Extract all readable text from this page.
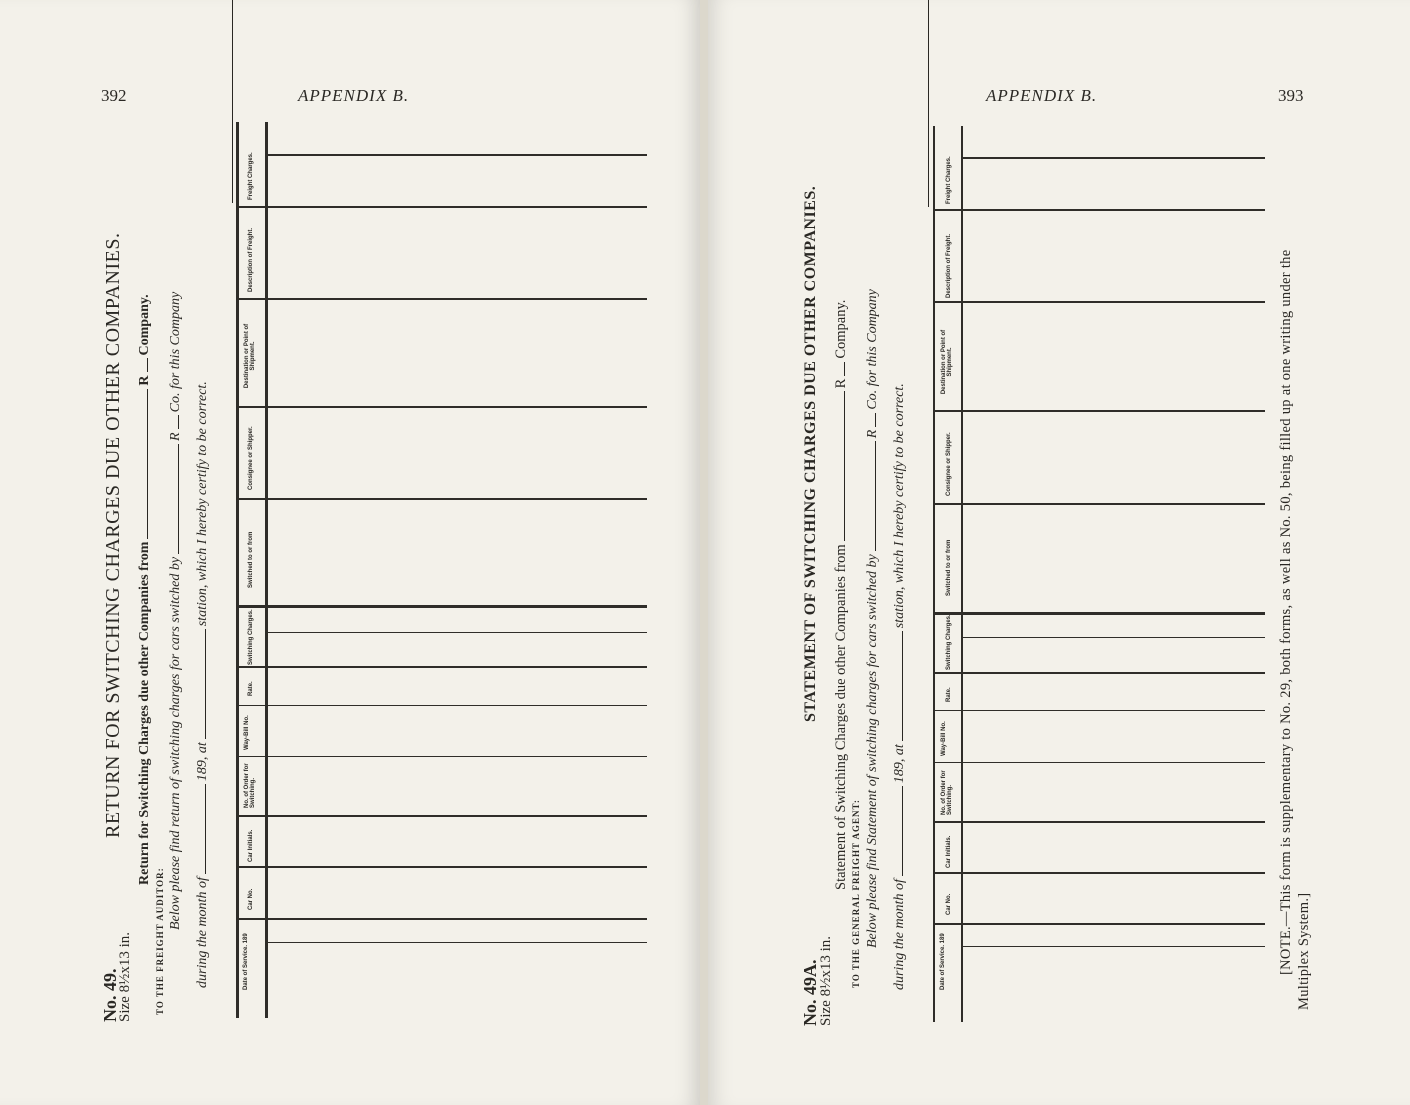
392	APPENDIX B.
No. 49.
Size 8½x13 in.
RETURN FOR SWITCHING CHARGES DUE OTHER COMPANIES. Return for Switching Charges due other Companies fromRCompany.
TO THE FREIGHT AUDITOR:
Below please find return of switching charges for cars switched byRCo. for this Company
during the month of189, atstation, which I hereby certify to be correct.
Date of Service. 189
Car No.
Car Initials.
No. of Order for Switching.
Way-Bill No.
Rate.
Switching Charges.
Switched to or from
Consignee or Shipper.
Destination or Point of Shipment.
Description of Freight.
Freight Charges.
APPENDIX B.	393
No. 49A.
Size 8½x13 in.
STATEMENT OF SWITCHING CHARGES DUE OTHER COMPANIES. Statement of Switching Charges due other Companies fromRCompany.
TO THE GENERAL FREIGHT AGENT: Below please find Statement of switching charges for cars switched byRCo. for this Company
during the month of189, atstation, which I hereby certify to be correct.
Date of Service. 189
Car No.
Car Initials.
No. of Order for Switching.
Way-Bill No.
Rate.
Switching Charges.
Switched to or from
Consignee or Shipper.
Destination or Point of Shipment.
Description of Freight.
Freight Charges.
[NOTE.—This form is supplementary to No. 29, both forms, as well as No. 50, being filled up at one writing under the Multiplex System.]
